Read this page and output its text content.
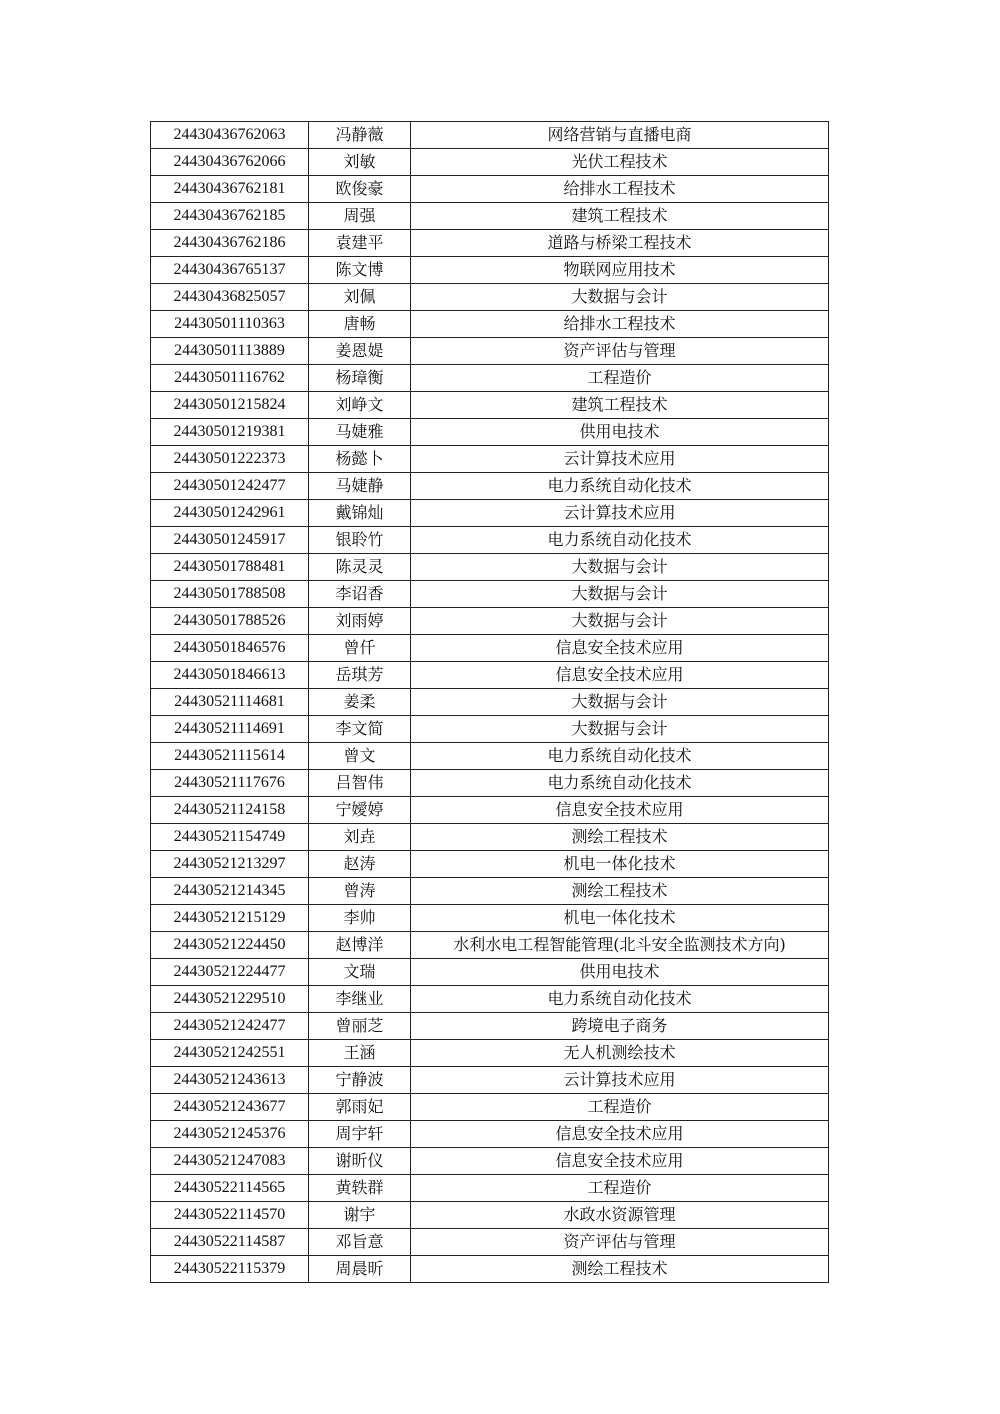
24430436762063	冯静薇	网络营销与直播电商
24430436762066	刘敏	光伏工程技术
24430436762181	欧俊豪	给排水工程技术
24430436762185	周强	建筑工程技术
24430436762186	袁建平	道路与桥梁工程技术
24430436765137	陈文博	物联网应用技术
24430436825057	刘佩	大数据与会计
24430501110363	唐畅	给排水工程技术
24430501113889	姜恩媞	资产评估与管理
24430501116762	杨璋衡	工程造价
24430501215824	刘峥文	建筑工程技术
24430501219381	马婕雅	供用电技术
24430501222373	杨懿卜	云计算技术应用
24430501242477	马婕静	电力系统自动化技术
24430501242961	戴锦灿	云计算技术应用
24430501245917	银聆竹	电力系统自动化技术
24430501788481	陈灵灵	大数据与会计
24430501788508	李诏香	大数据与会计
24430501788526	刘雨婷	大数据与会计
24430501846576	曾仟	信息安全技术应用
24430501846613	岳琪芳	信息安全技术应用
24430521114681	姜柔	大数据与会计
24430521114691	李文简	大数据与会计
24430521115614	曾文	电力系统自动化技术
24430521117676	吕智伟	电力系统自动化技术
24430521124158	宁嬡婷	信息安全技术应用
24430521154749	刘垚	测绘工程技术
24430521213297	赵涛	机电一体化技术
24430521214345	曾涛	测绘工程技术
24430521215129	李帅	机电一体化技术
24430521224450	赵博洋	水利水电工程智能管理(北斗安全监测技术方向)
24430521224477	文瑞	供用电技术
24430521229510	李继业	电力系统自动化技术
24430521242477	曾丽芝	跨境电子商务
24430521242551	王涵	无人机测绘技术
24430521243613	宁静波	云计算技术应用
24430521243677	郭雨妃	工程造价
24430521245376	周宇轩	信息安全技术应用
24430521247083	谢昕仪	信息安全技术应用
24430522114565	黄轶群	工程造价
24430522114570	谢宇	水政水资源管理
24430522114587	邓旨意	资产评估与管理
24430522115379	周晨昕	测绘工程技术
